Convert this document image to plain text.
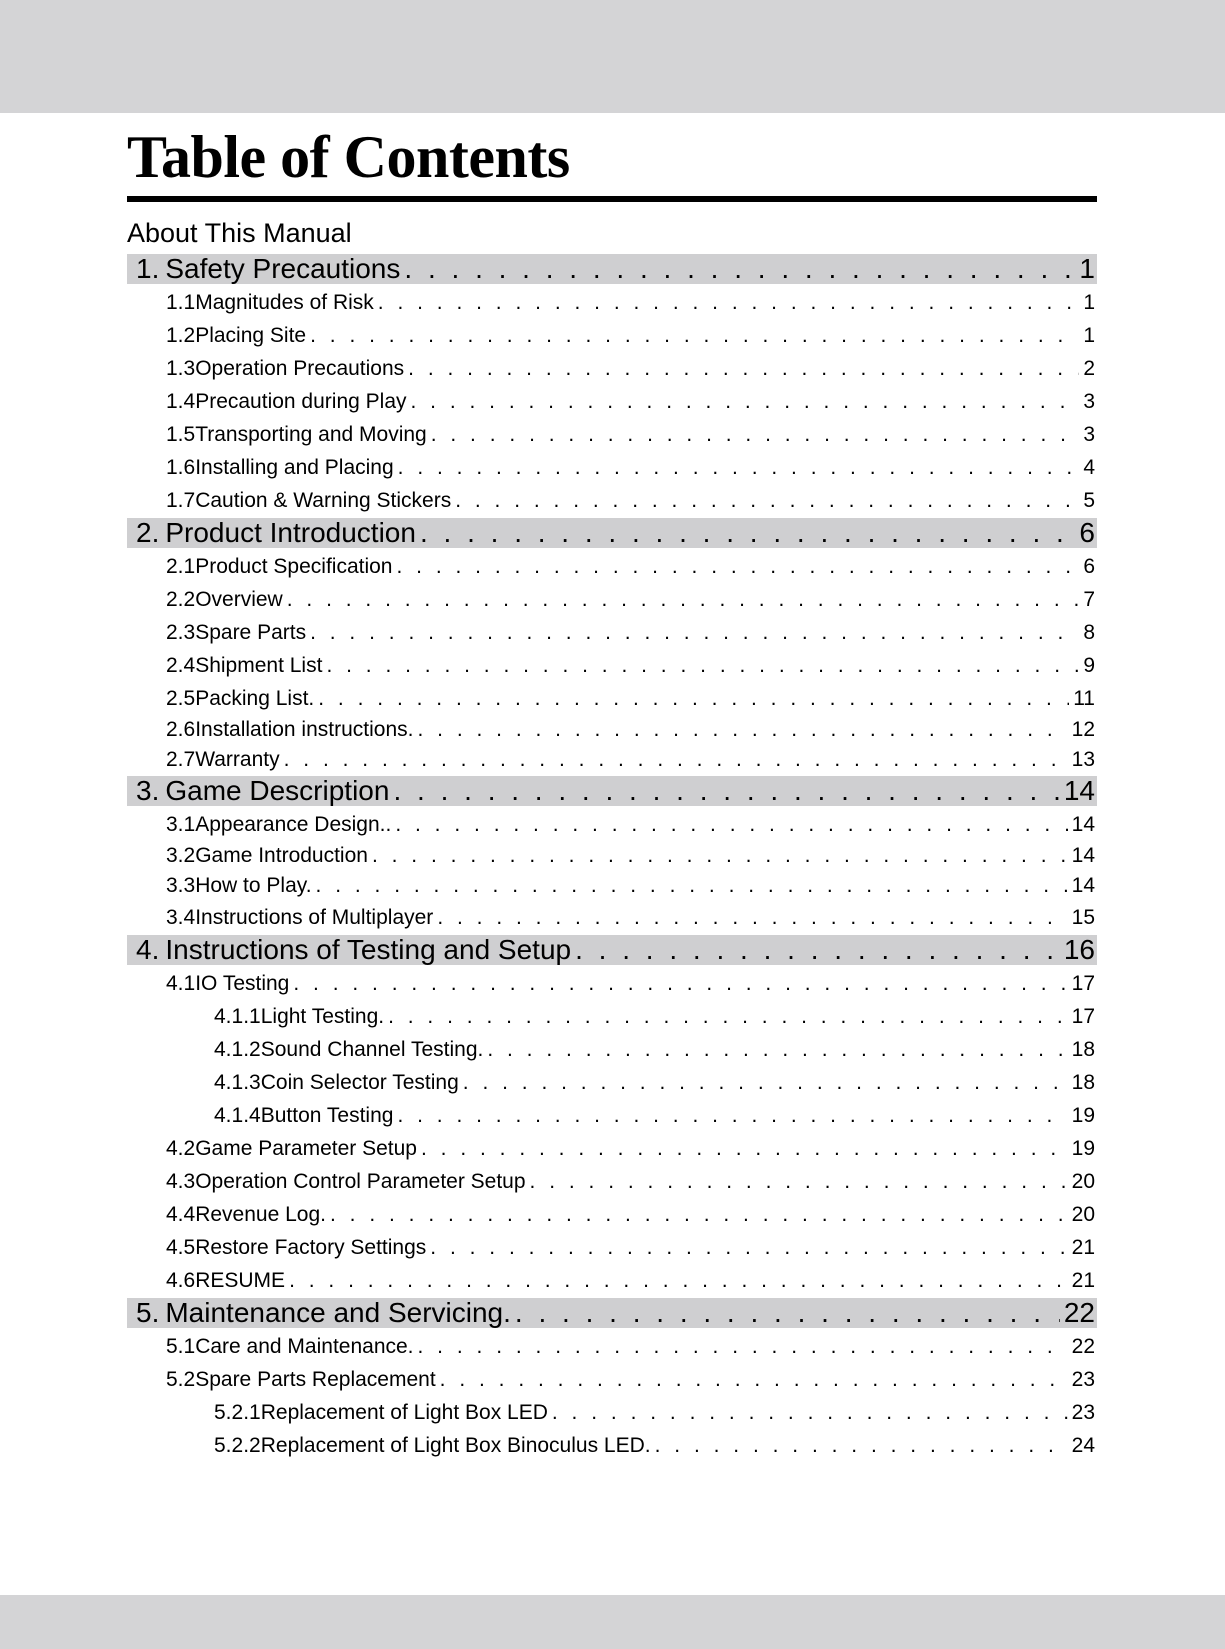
Table of Contents
About This Manual
1. Safety Precautions . . .	1
1.1 Magnitudes of Risk . . .	1
1.2 Placing Site . . .	1
1.3 Operation Precautions . . .	2
1.4 Precaution during Play . . .	3
1.5 Transporting and Moving . . .	3
1.6 Installing and Placing . . .	4
1.7 Caution & Warning Stickers . . .	5
2. Product Introduction . . .	6
2.1 Product Specification . . .	6
2.2 Overview . . .	7
2.3 Spare Parts . . .	8
2.4 Shipment List . . .	9
2.5 Packing List. . . .	11
2.6 Installation instructions. . . .	12
2.7 Warranty . . .	13
3. Game Description . . .	14
3.1 Appearance Design.. . . .	14
3.2 Game Introduction . . .	14
3.3 How to Play. . . .	14
3.4 Instructions of Multiplayer . . .	15
4. Instructions of Testing and Setup . . .	16
4.1 IO Testing . . .	17
4.1.1 Light Testing. . . .	17
4.1.2 Sound Channel Testing. . . .	18
4.1.3 Coin Selector Testing . . .	18
4.1.4 Button Testing . . .	19
4.2 Game Parameter Setup . . .	19
4.3 Operation Control Parameter Setup . . .	20
4.4 Revenue Log. . . .	20
4.5 Restore Factory Settings . . .	21
4.6 RESUME . . .	21
5. Maintenance and Servicing. . . .	22
5.1 Care and Maintenance. . . .	22
5.2 Spare Parts Replacement . . .	23
5.2.1 Replacement of Light Box LED . . .	23
5.2.2 Replacement of Light Box Binoculus LED. . . .	24
